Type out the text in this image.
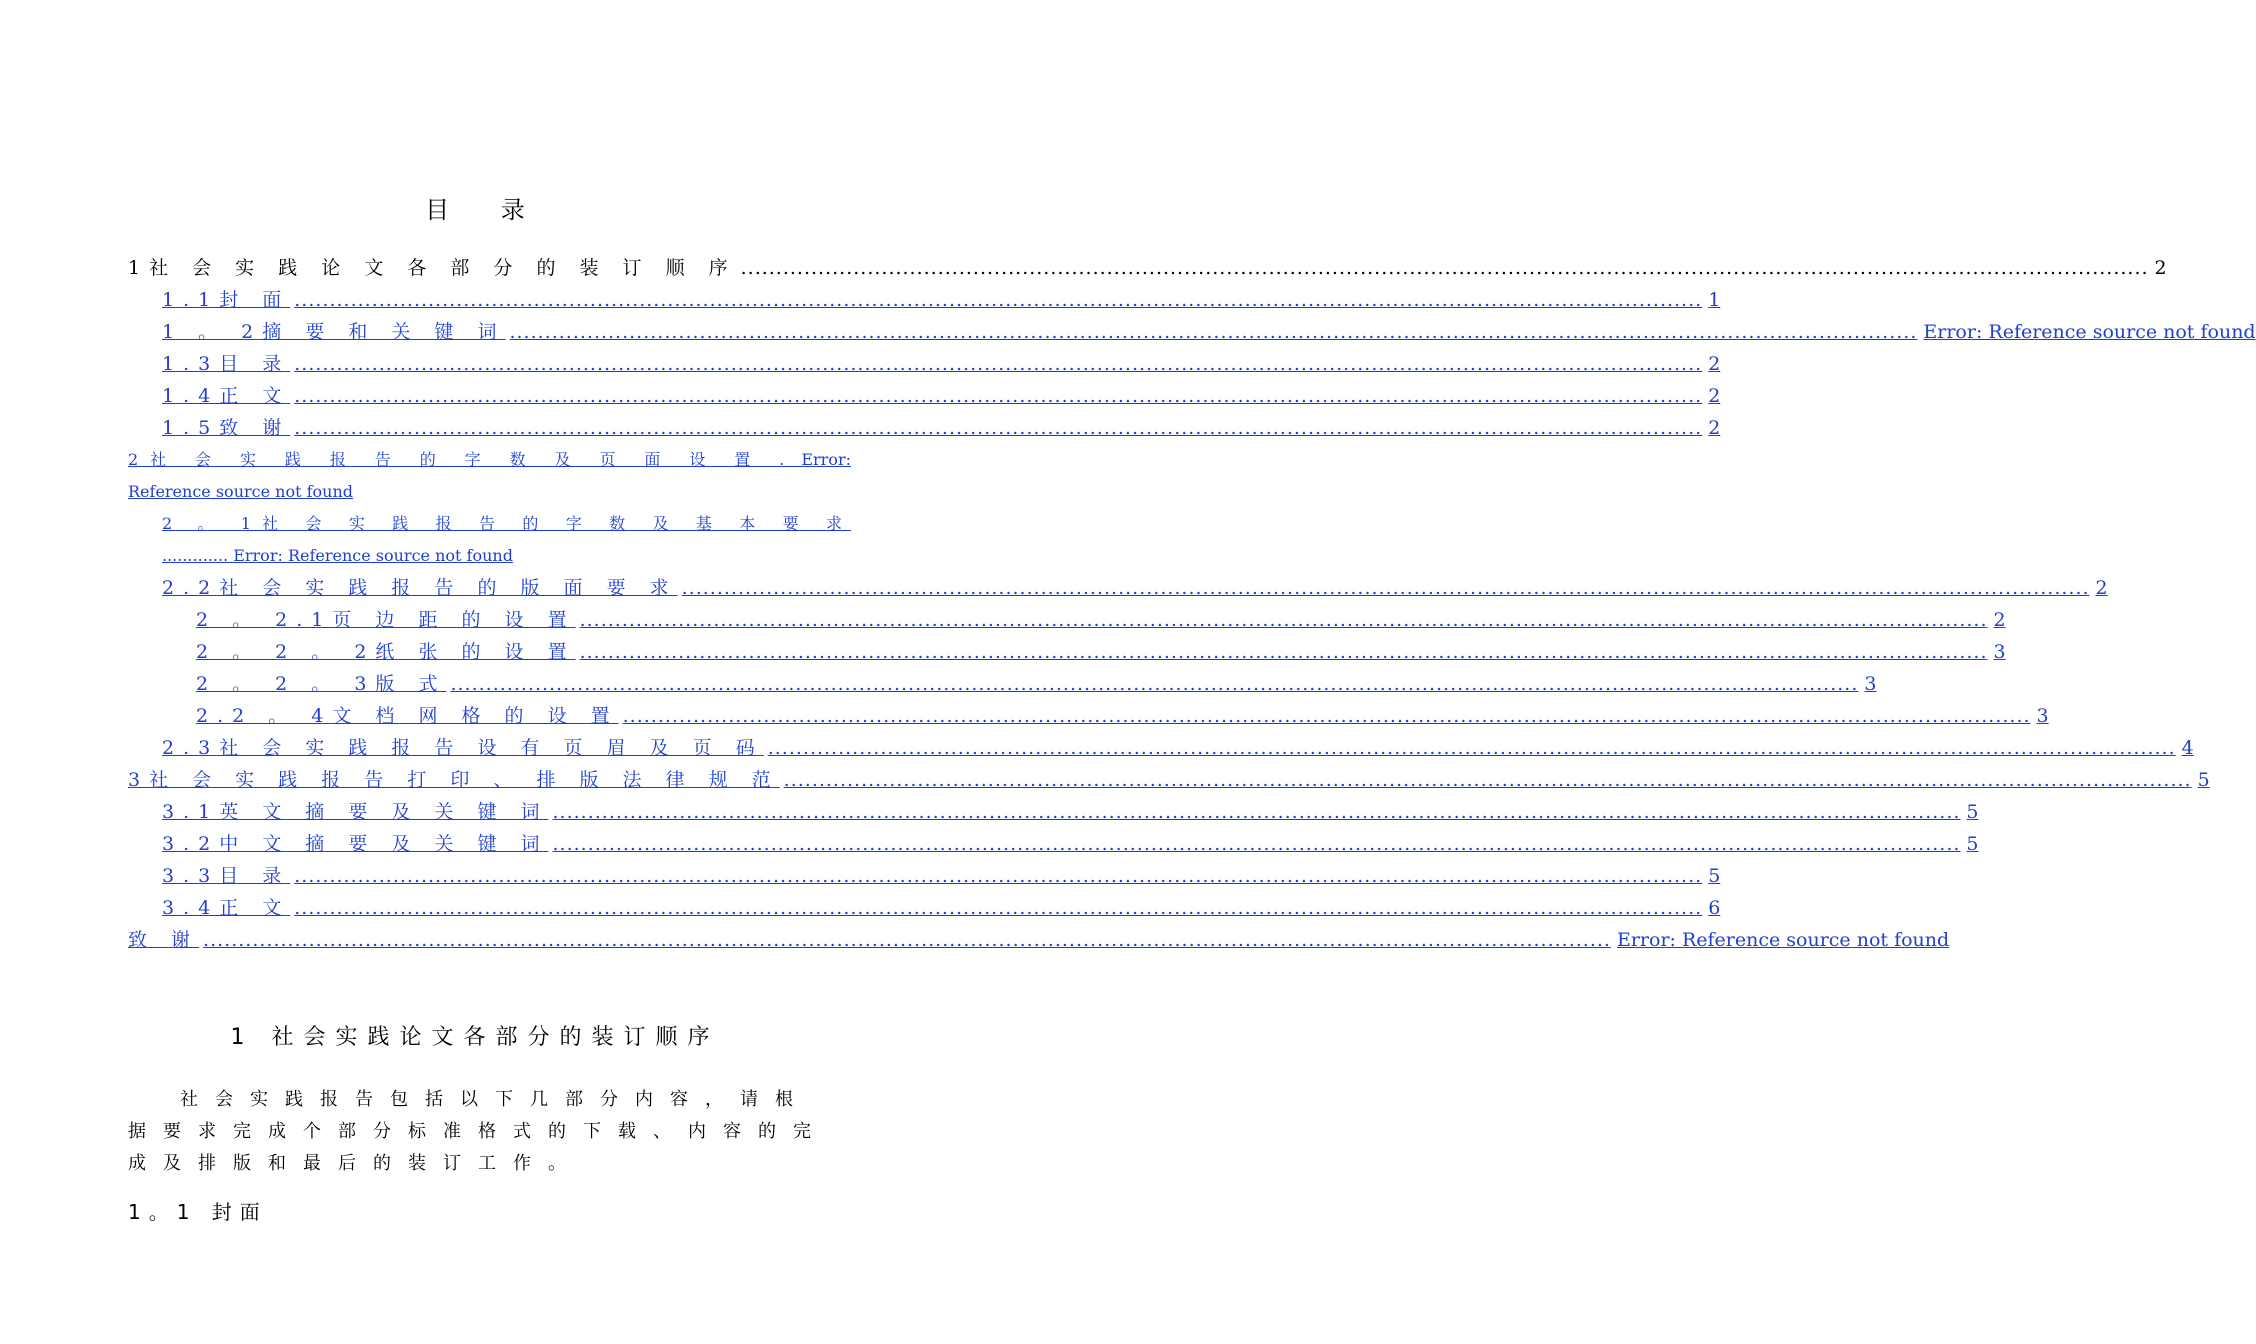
目 录
1社 会 实 践 论 文 各 部 分 的 装 订 顺 序 ........................................................................................................................................................................................................ 2
1.1封 面 ........................................................................................................................................................................................................ 1
1 。 2摘 要 和 关 键 词 ........................................................................................................................................................................................................ Error: Reference source not found
1.3目 录 ........................................................................................................................................................................................................ 2
1.4正 文 ........................................................................................................................................................................................................ 2
1.5致 谢 ........................................................................................................................................................................................................ 2
2社 会 实 践 报 告 的 字 数 及 页 面 设 置 . Error: Reference source not found
2 。 1社 会 实 践 报 告 的 字 数 及 基 本 要 求 ............. Error: Reference source not found
2.2社 会 实 践 报 告 的 版 面 要 求 ........................................................................................................................................................................................................ 2
2 。 2.1页 边 距 的 设 置 ........................................................................................................................................................................................................ 2
2 。 2 。 2纸 张 的 设 置 ........................................................................................................................................................................................................ 3
2 。 2 。 3版 式 ........................................................................................................................................................................................................ 3
2.2 。 4文 档 网 格 的 设 置 ........................................................................................................................................................................................................ 3
2.3社 会 实 践 报 告 设 有 页 眉 及 页 码 ........................................................................................................................................................................................................ 4
3社 会 实 践 报 告 打 印 、 排 版 法 律 规 范 ........................................................................................................................................................................................................ 5
3.1英 文 摘 要 及 关 键 词 ........................................................................................................................................................................................................ 5
3.2中 文 摘 要 及 关 键 词 ........................................................................................................................................................................................................ 5
3.3目 录 ........................................................................................................................................................................................................ 5
3.4正 文 ........................................................................................................................................................................................................ 6
致 谢 ........................................................................................................................................................................................................ Error: Reference source not found
1 社会实践论文各部分的装订顺序
社会实践报告包括以下几部分内容，请根据要求完成个部分标准格式的下载、内容的完成及排版和最后的装订工作。
1。1 封面
